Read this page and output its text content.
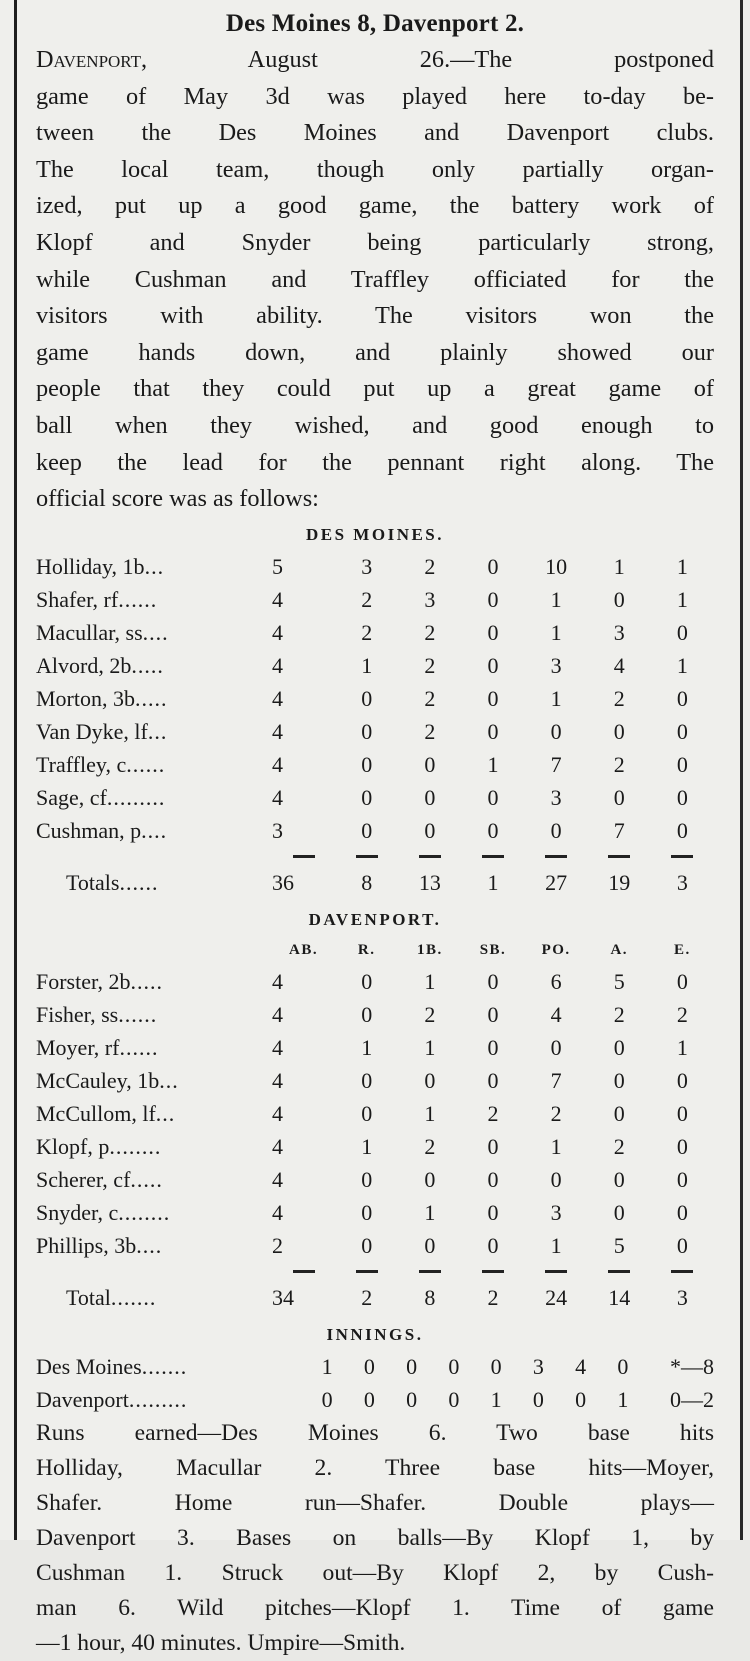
Des Moines 8, Davenport 2.

Davenport,	August 26.—The postponed

game of May 3d was played here to-day be-

tween the Des Moines and Davenport clubs.

The local team, though only partially organ-

ized, put up a good game, the battery work of

Klopf and Snyder being particularly strong,

while Cushman and Traffley officiated for the

visitors with ability. The visitors won the

game hands down, and plainly showed our

people that they could put up a great game of

ball when they wished, and good enough to

keep the lead for the pennant right along. The

official score was as follows:

DES MOINES.
Holliday, 1b...	5	3	2	0	10	1	1
Shafer, rf......	4	2	3	0	1	0	1
Macullar, ss....	4	2	2	0	1	3	0
Alvord, 2b.....	4	1	2	0	3	4	1
Morton, 3b.....	4	0	2	0	1	2	0
Van Dyke, lf...	4	0	2	0	0	0	0
Traffley, c......	4	0	0	1	7	2	0
Sage, cf.........	4	0	0	0	3	0	0
Cushman, p....	3	0	0	0	0	7	0

Totals......	36	8	13	1	27	19	3
DAVENPORT.
	AB.	R.	1B.	SB.	PO.	A.	E.
Forster, 2b.....	4	0	1	0	6	5	0
Fisher, ss......	4	0	2	0	4	2	2
Moyer, rf......	4	1	1	0	0	0	1
McCauley, 1b...	4	0	0	0	7	0	0
McCullom, lf...	4	0	1	2	2	0	0
Klopf, p........	4	1	2	0	1	2	0
Scherer, cf.....	4	0	0	0	0	0	0
Snyder, c........	4	0	1	0	3	0	0
Phillips, 3b....	2	0	0	0	1	5	0

Total.......	34	2	8	2	24	14	3
INNINGS.
Des Moines.......	1	0	0	0	0	3	4	0	*—8
Davenport.........	0	0	0	0	1	0	0	1	0—2

Runs earned—Des Moines 6. Two base hits

Holliday, Macullar 2. Three base hits—Moyer,

Shafer. Home run—Shafer. Double plays—

Davenport 3. Bases on balls—By Klopf 1, by

Cushman 1. Struck out—By Klopf 2, by Cush-

man 6. Wild pitches—Klopf 1. Time of game

—1 hour, 40 minutes. Umpire—Smith.
